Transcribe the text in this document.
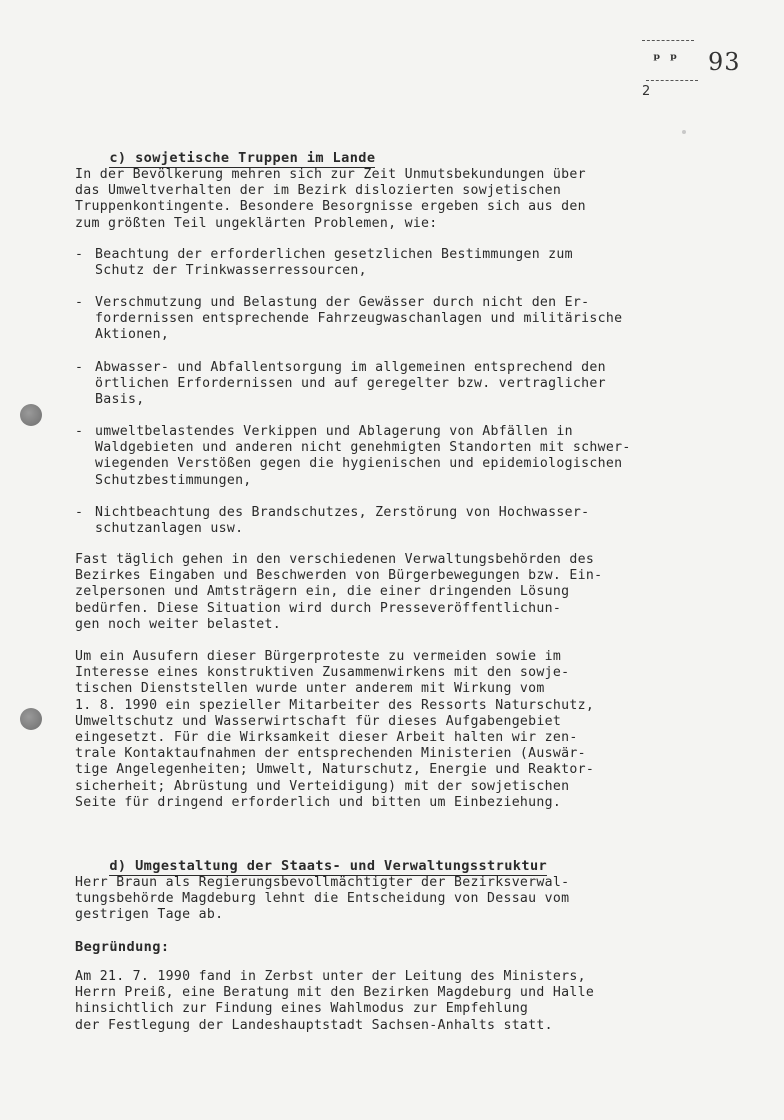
ᵖ ᵖ 93
2

c) sowjetische Truppen im Lande

In der Bevölkerung mehren sich zur Zeit Unmutsbekundungen über
das Umweltverhalten der im Bezirk dislozierten sowjetischen
Truppenkontingente. Besondere Besorgnisse ergeben sich aus den
zum größten Teil ungeklärten Problemen, wie:
- Beachtung der erforderlichen gesetzlichen Bestimmungen zum
Schutz der Trinkwasserressourcen,
- Verschmutzung und Belastung der Gewässer durch nicht den Er-
fordernissen entsprechende Fahrzeugwaschanlagen und militärische
Aktionen,
- Abwasser- und Abfallentsorgung im allgemeinen entsprechend den
örtlichen Erfordernissen und auf geregelter bzw. vertraglicher
Basis,
- umweltbelastendes Verkippen und Ablagerung von Abfällen in
Waldgebieten und anderen nicht genehmigten Standorten mit schwer-
wiegenden Verstößen gegen die hygienischen und epidemiologischen
Schutzbestimmungen,
- Nichtbeachtung des Brandschutzes, Zerstörung von Hochwasser-
schutzanlagen usw.
Fast täglich gehen in den verschiedenen Verwaltungsbehörden des
Bezirkes Eingaben und Beschwerden von Bürgerbewegungen bzw. Ein-
zelpersonen und Amtsträgern ein, die einer dringenden Lösung
bedürfen. Diese Situation wird durch Presseveröffentlichun-
gen noch weiter belastet.
Um ein Ausufern dieser Bürgerproteste zu vermeiden sowie im
Interesse eines konstruktiven Zusammenwirkens mit den sowje-
tischen Dienststellen wurde unter anderem mit Wirkung vom
1. 8. 1990 ein spezieller Mitarbeiter des Ressorts Naturschutz,
Umweltschutz und Wasserwirtschaft für dieses Aufgabengebiet
eingesetzt. Für die Wirksamkeit dieser Arbeit halten wir zen-
trale Kontaktaufnahmen der entsprechenden Ministerien (Auswär-
tige Angelegenheiten; Umwelt, Naturschutz, Energie und Reaktor-
sicherheit; Abrüstung und Verteidigung) mit der sowjetischen
Seite für dringend erforderlich und bitten um Einbeziehung.

d) Umgestaltung der Staats- und Verwaltungsstruktur

Herr Braun als Regierungsbevollmächtigter der Bezirksverwal-
tungsbehörde Magdeburg lehnt die Entscheidung von Dessau vom
gestrigen Tage ab.
Begründung:
Am 21. 7. 1990 fand in Zerbst unter der Leitung des Ministers,
Herrn Preiß, eine Beratung mit den Bezirken Magdeburg und Halle
hinsichtlich zur Findung eines Wahlmodus zur Empfehlung
der Festlegung der Landeshauptstadt Sachsen-Anhalts statt.
